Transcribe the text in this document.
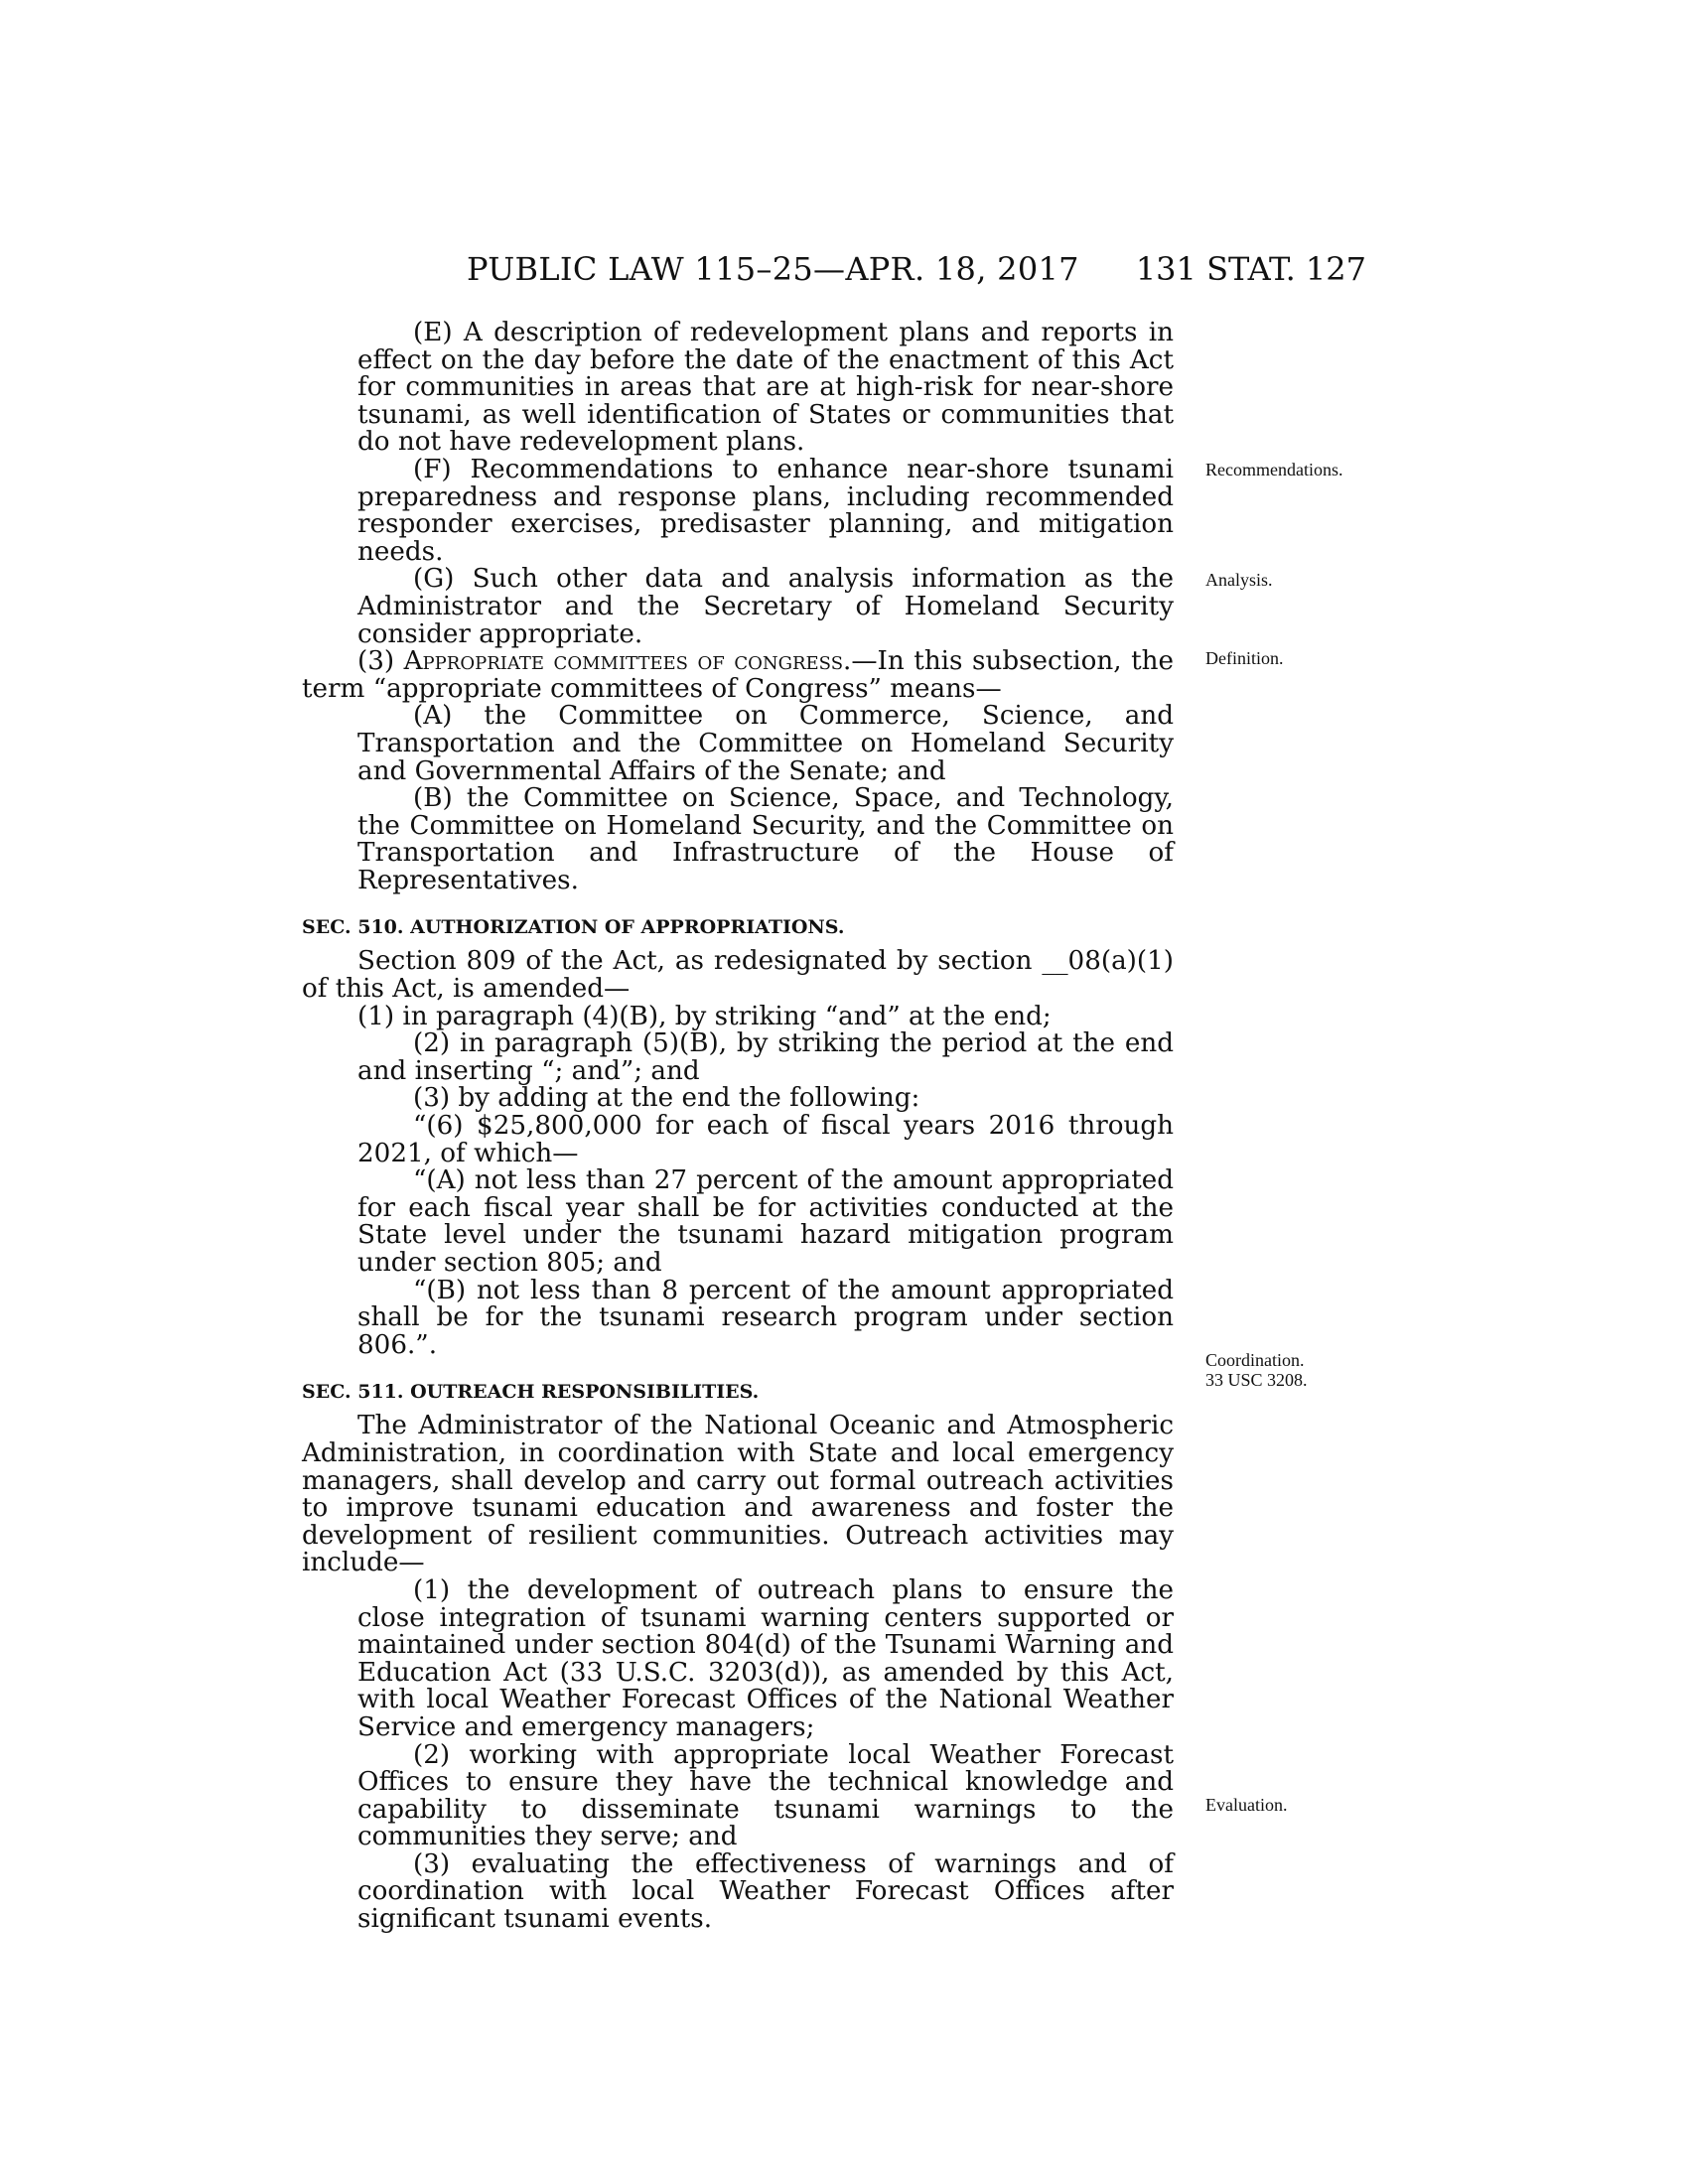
PUBLIC LAW 115–25—APR. 18, 2017 131 STAT. 127

(E) A description of redevelopment plans and reports in effect on the day before the date of the enactment of this Act for communities in areas that are at high-risk for near-shore tsunami, as well identification of States or communities that do not have redevelopment plans.

(F) Recommendations to enhance near-shore tsunami preparedness and response plans, including recommended responder exercises, predisaster planning, and mitigation needs.

(G) Such other data and analysis information as the Administrator and the Secretary of Homeland Security consider appropriate.

(3) Appropriate committees of congress.—In this subsection, the term “appropriate committees of Congress” means—

(A) the Committee on Commerce, Science, and Transportation and the Committee on Homeland Security and Governmental Affairs of the Senate; and

(B) the Committee on Science, Space, and Technology, the Committee on Homeland Security, and the Committee on Transportation and Infrastructure of the House of Representatives.

SEC. 510. AUTHORIZATION OF APPROPRIATIONS.

Section 809 of the Act, as redesignated by section __08(a)(1) of this Act, is amended—

(1) in paragraph (4)(B), by striking “and” at the end;

(2) in paragraph (5)(B), by striking the period at the end and inserting “; and”; and

(3) by adding at the end the following:

“(6) $25,800,000 for each of fiscal years 2016 through 2021, of which—

“(A) not less than 27 percent of the amount appropriated for each fiscal year shall be for activities conducted at the State level under the tsunami hazard mitigation program under section 805; and

“(B) not less than 8 percent of the amount appropriated shall be for the tsunami research program under section 806.”.

SEC. 511. OUTREACH RESPONSIBILITIES.

The Administrator of the National Oceanic and Atmospheric Administration, in coordination with State and local emergency managers, shall develop and carry out formal outreach activities to improve tsunami education and awareness and foster the development of resilient communities. Outreach activities may include—

(1) the development of outreach plans to ensure the close integration of tsunami warning centers supported or maintained under section 804(d) of the Tsunami Warning and Education Act (33 U.S.C. 3203(d)), as amended by this Act, with local Weather Forecast Offices of the National Weather Service and emergency managers;

(2) working with appropriate local Weather Forecast Offices to ensure they have the technical knowledge and capability to disseminate tsunami warnings to the communities they serve; and

(3) evaluating the effectiveness of warnings and of coordination with local Weather Forecast Offices after significant tsunami events.

Recommendations.
Analysis.
Definition.
Coordination.
33 USC 3208.
Evaluation.
